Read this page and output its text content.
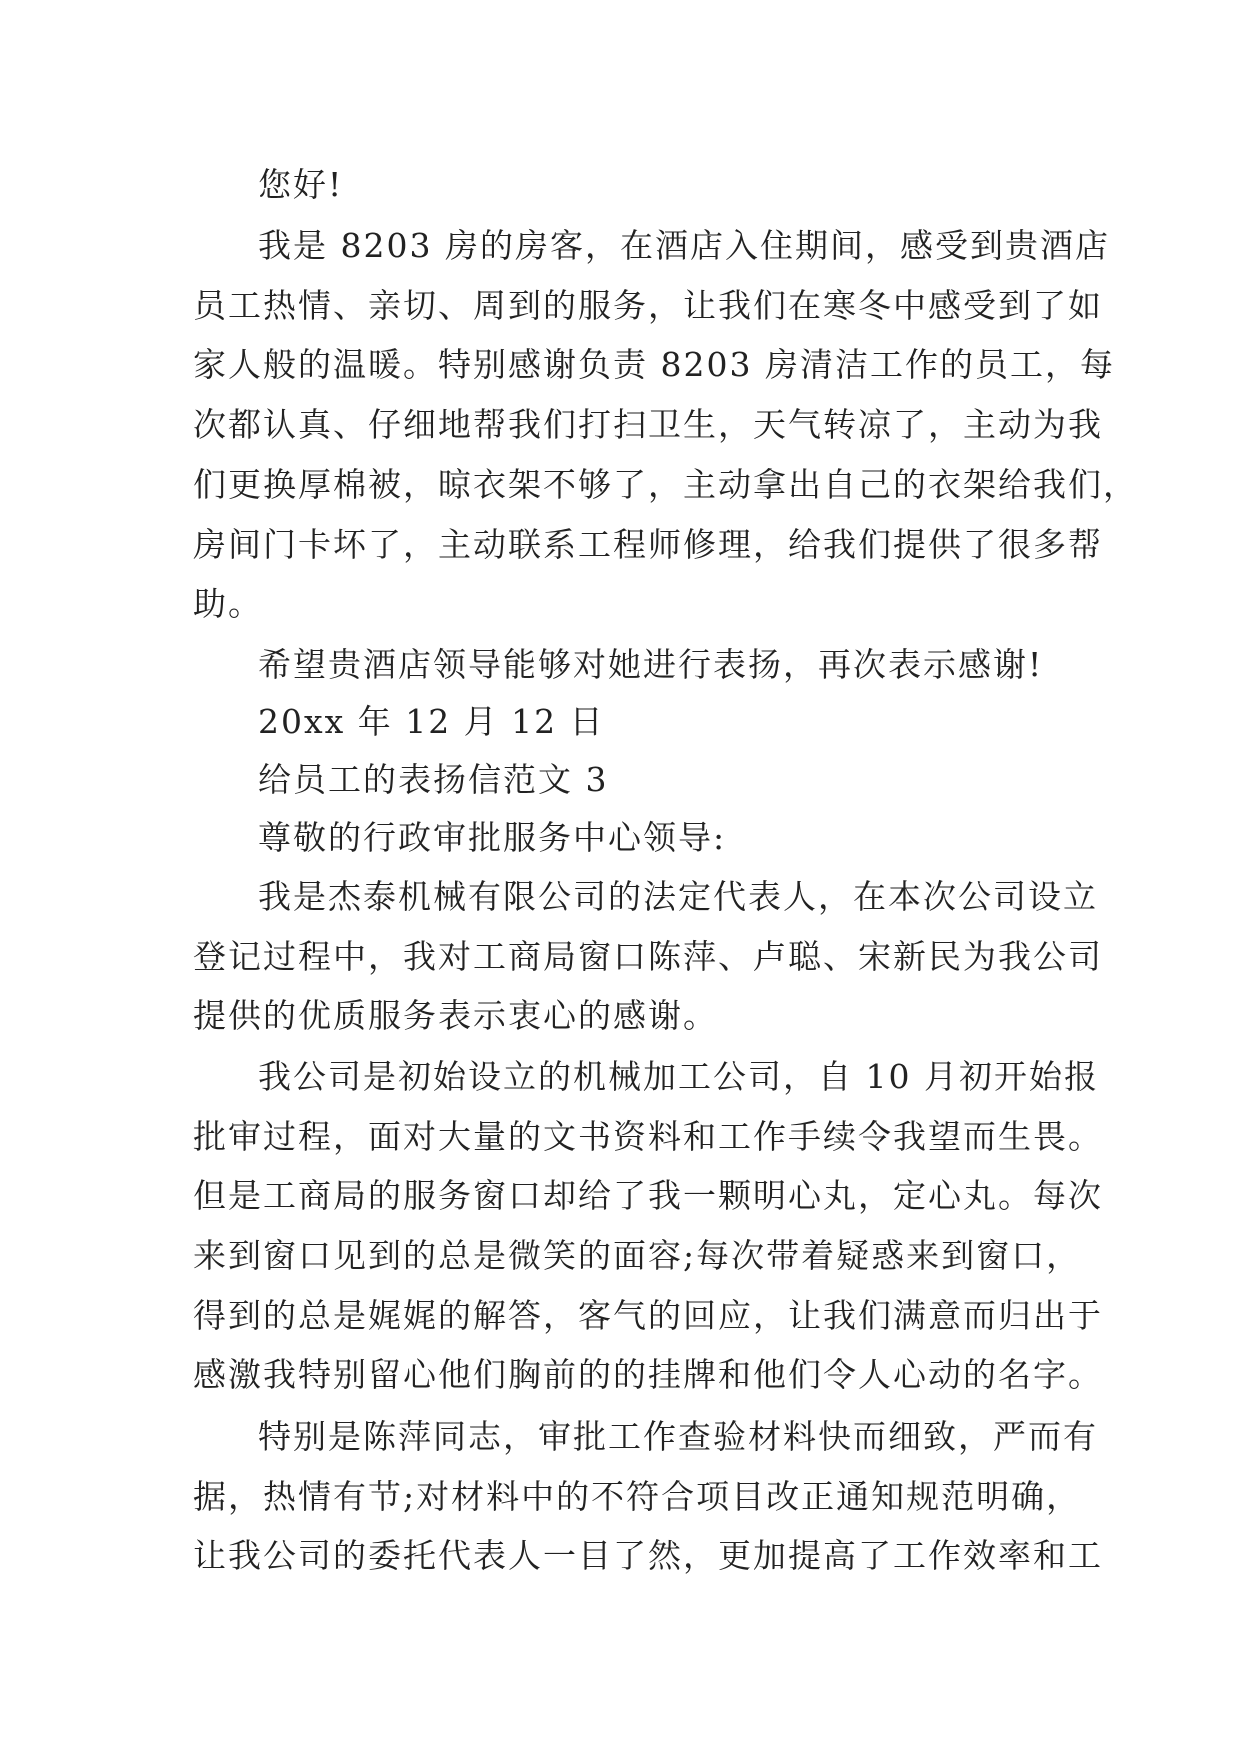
您好!
我是 8203 房的房客，在酒店入住期间，感受到贵酒店
员工热情、亲切、周到的服务，让我们在寒冬中感受到了如
家人般的温暖。特别感谢负责 8203 房清洁工作的员工，每
次都认真、仔细地帮我们打扫卫生，天气转凉了，主动为我
们更换厚棉被，晾衣架不够了，主动拿出自己的衣架给我们，
房间门卡坏了，主动联系工程师修理，给我们提供了很多帮
助。
希望贵酒店领导能够对她进行表扬，再次表示感谢!
20xx 年 12 月 12 日
给员工的表扬信范文 3
尊敬的行政审批服务中心领导:
我是杰泰机械有限公司的法定代表人，在本次公司设立
登记过程中，我对工商局窗口陈萍、卢聪、宋新民为我公司
提供的优质服务表示衷心的感谢。
我公司是初始设立的机械加工公司，自 10 月初开始报
批审过程，面对大量的文书资料和工作手续令我望而生畏。
但是工商局的服务窗口却给了我一颗明心丸，定心丸。每次
来到窗口见到的总是微笑的面容;每次带着疑惑来到窗口，
得到的总是娓娓的解答，客气的回应，让我们满意而归出于
感激我特别留心他们胸前的的挂牌和他们令人心动的名字。
特别是陈萍同志，审批工作查验材料快而细致，严而有
据，热情有节;对材料中的不符合项目改正通知规范明确，
让我公司的委托代表人一目了然，更加提高了工作效率和工
